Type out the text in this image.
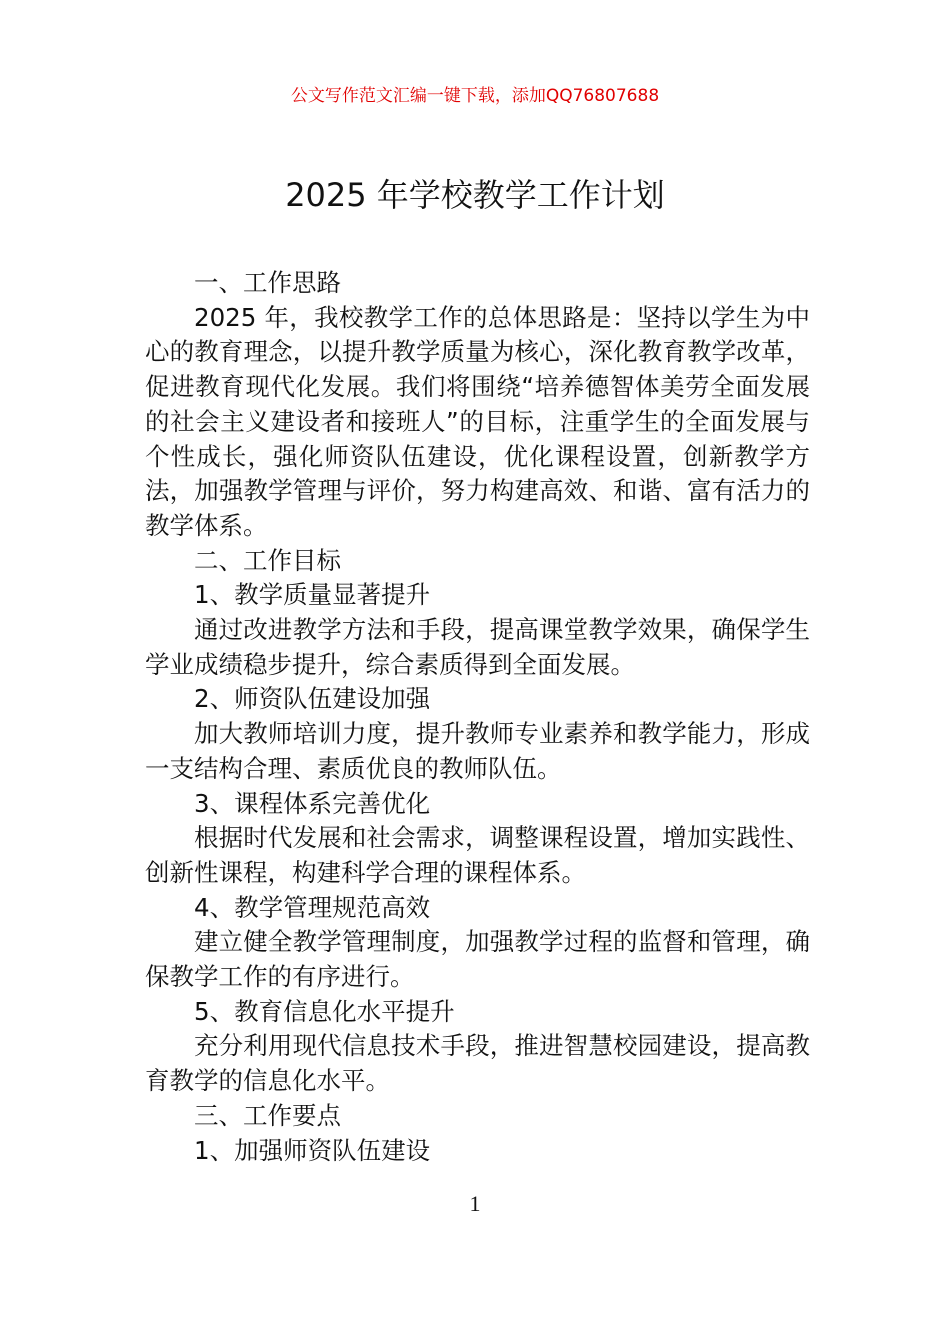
公文写作范文汇编一键下载，添加QQ76807688
2025 年学校教学工作计划

一、工作思路

2025 年，我校教学工作的总体思路是：坚持以学生为中心的教育理念，以提升教学质量为核心，深化教育教学改革，促进教育现代化发展。我们将围绕“培养德智体美劳全面发展的社会主义建设者和接班人”的目标，注重学生的全面发展与个性成长，强化师资队伍建设，优化课程设置，创新教学方法，加强教学管理与评价，努力构建高效、和谐、富有活力的教学体系。

二、工作目标

1、教学质量显著提升

通过改进教学方法和手段，提高课堂教学效果，确保学生学业成绩稳步提升，综合素质得到全面发展。

2、师资队伍建设加强

加大教师培训力度，提升教师专业素养和教学能力，形成一支结构合理、素质优良的教师队伍。

3、课程体系完善优化

根据时代发展和社会需求，调整课程设置，增加实践性、创新性课程，构建科学合理的课程体系。

4、教学管理规范高效

建立健全教学管理制度，加强教学过程的监督和管理，确保教学工作的有序进行。

5、教育信息化水平提升

充分利用现代信息技术手段，推进智慧校园建设，提高教育教学的信息化水平。

三、工作要点

1、加强师资队伍建设

1
